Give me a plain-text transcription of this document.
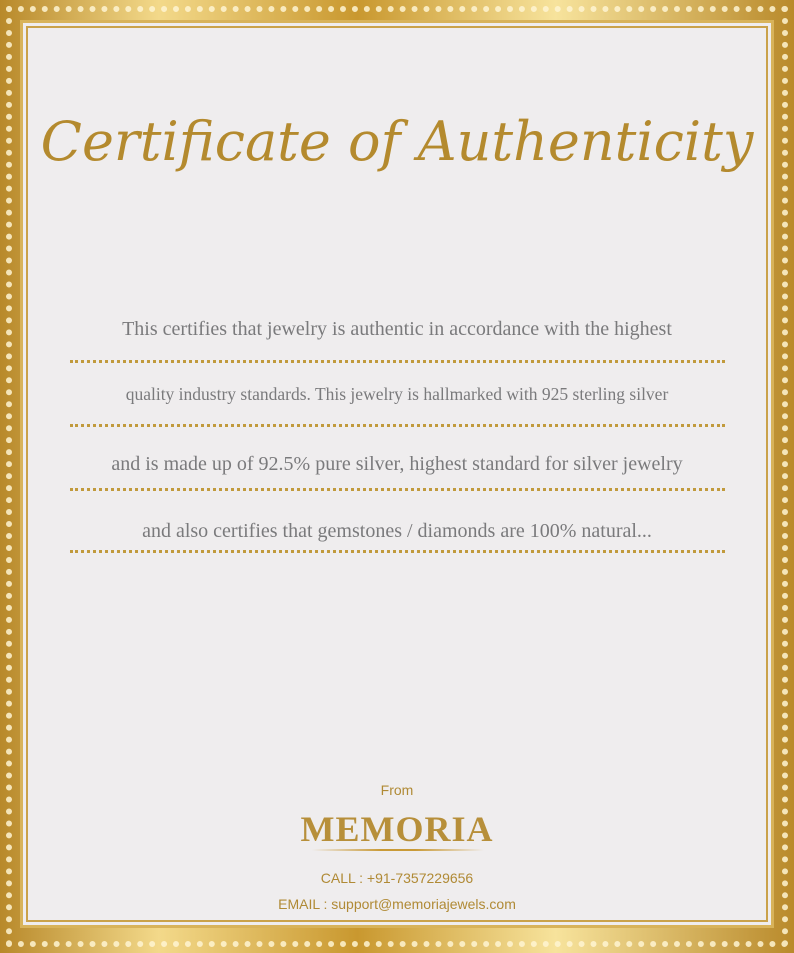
Certificate of Authenticity
This certifies that jewelry is authentic in accordance with the highest
quality industry standards. This jewelry is hallmarked with 925 sterling silver
and is made up of 92.5% pure silver, highest standard for silver jewelry
and also certifies that gemstones / diamonds are 100% natural...
From
MEMORIA
CALL : +91-7357229656
EMAIL : support@memoriajewels.com
